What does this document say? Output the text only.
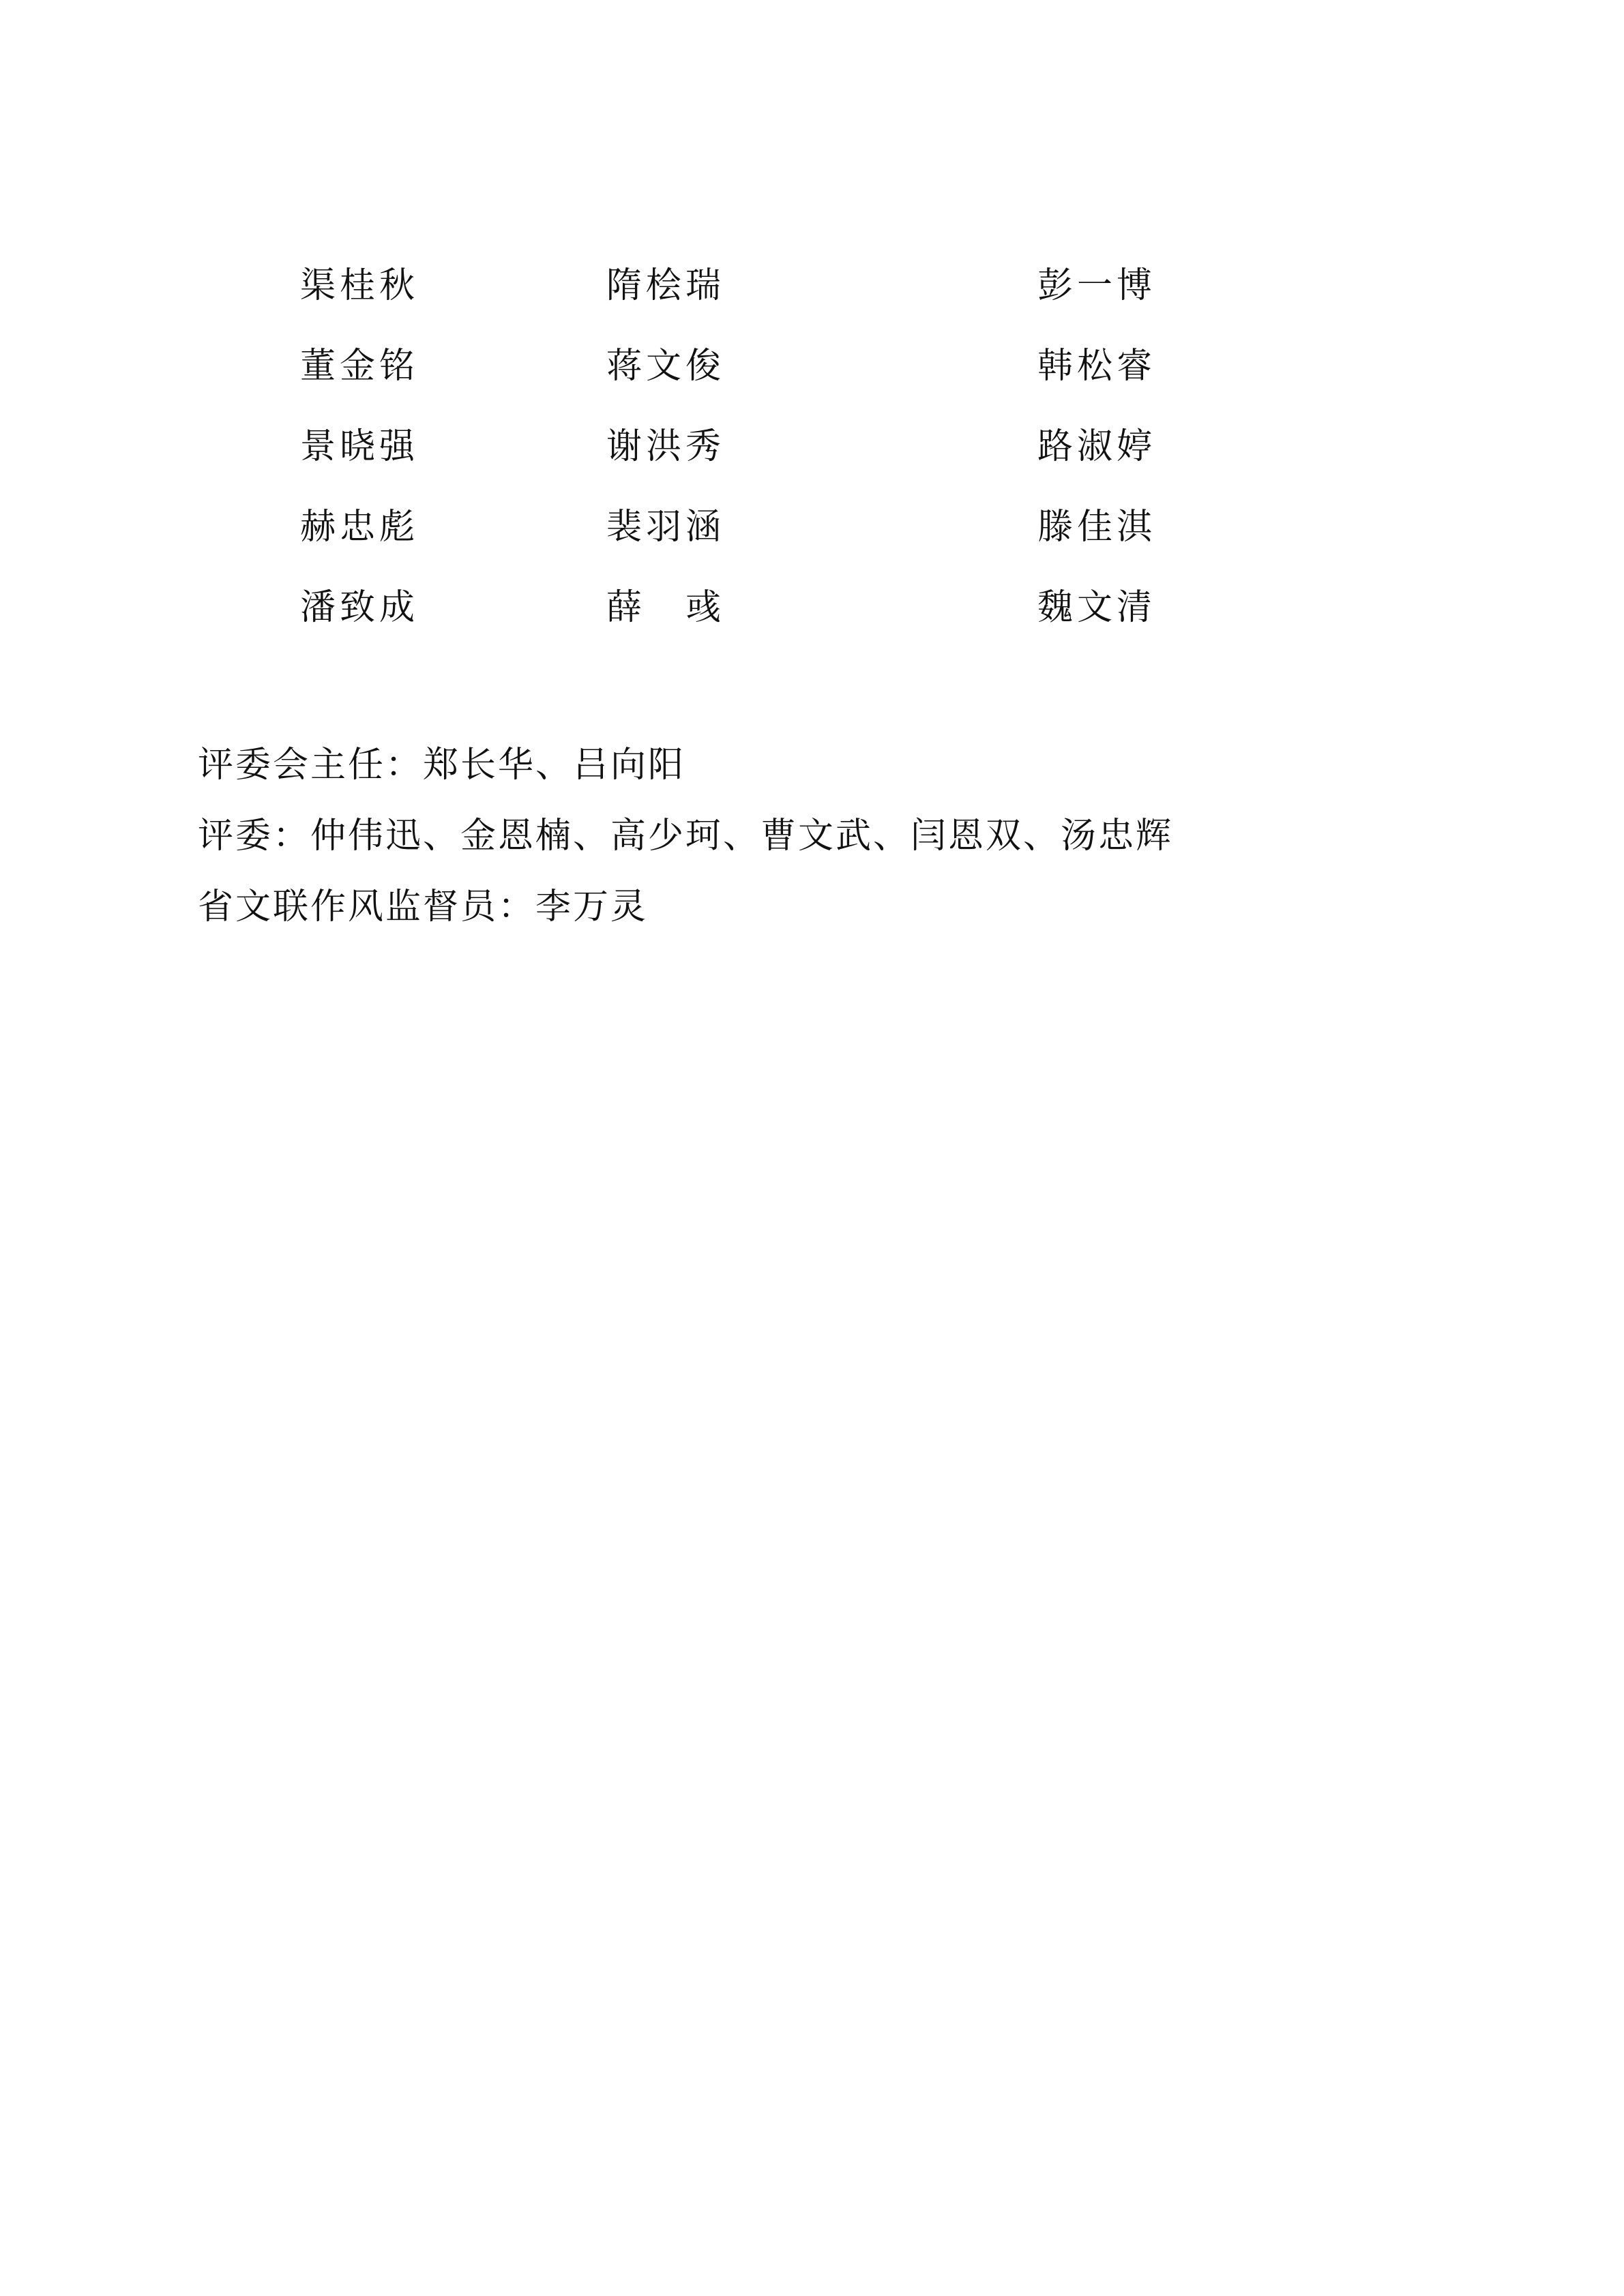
渠桂秋	隋桧瑞	彭一博
董金铭	蒋文俊	韩松睿
景晓强	谢洪秀	路淑婷
赫忠彪	裴羽涵	滕佳淇
潘致成	薛　彧	魏文清
评委会主任：郑长华、吕向阳
评委：仲伟迅、金恩楠、高少珂、曹文武、闫恩双、汤忠辉
省文联作风监督员：李万灵
